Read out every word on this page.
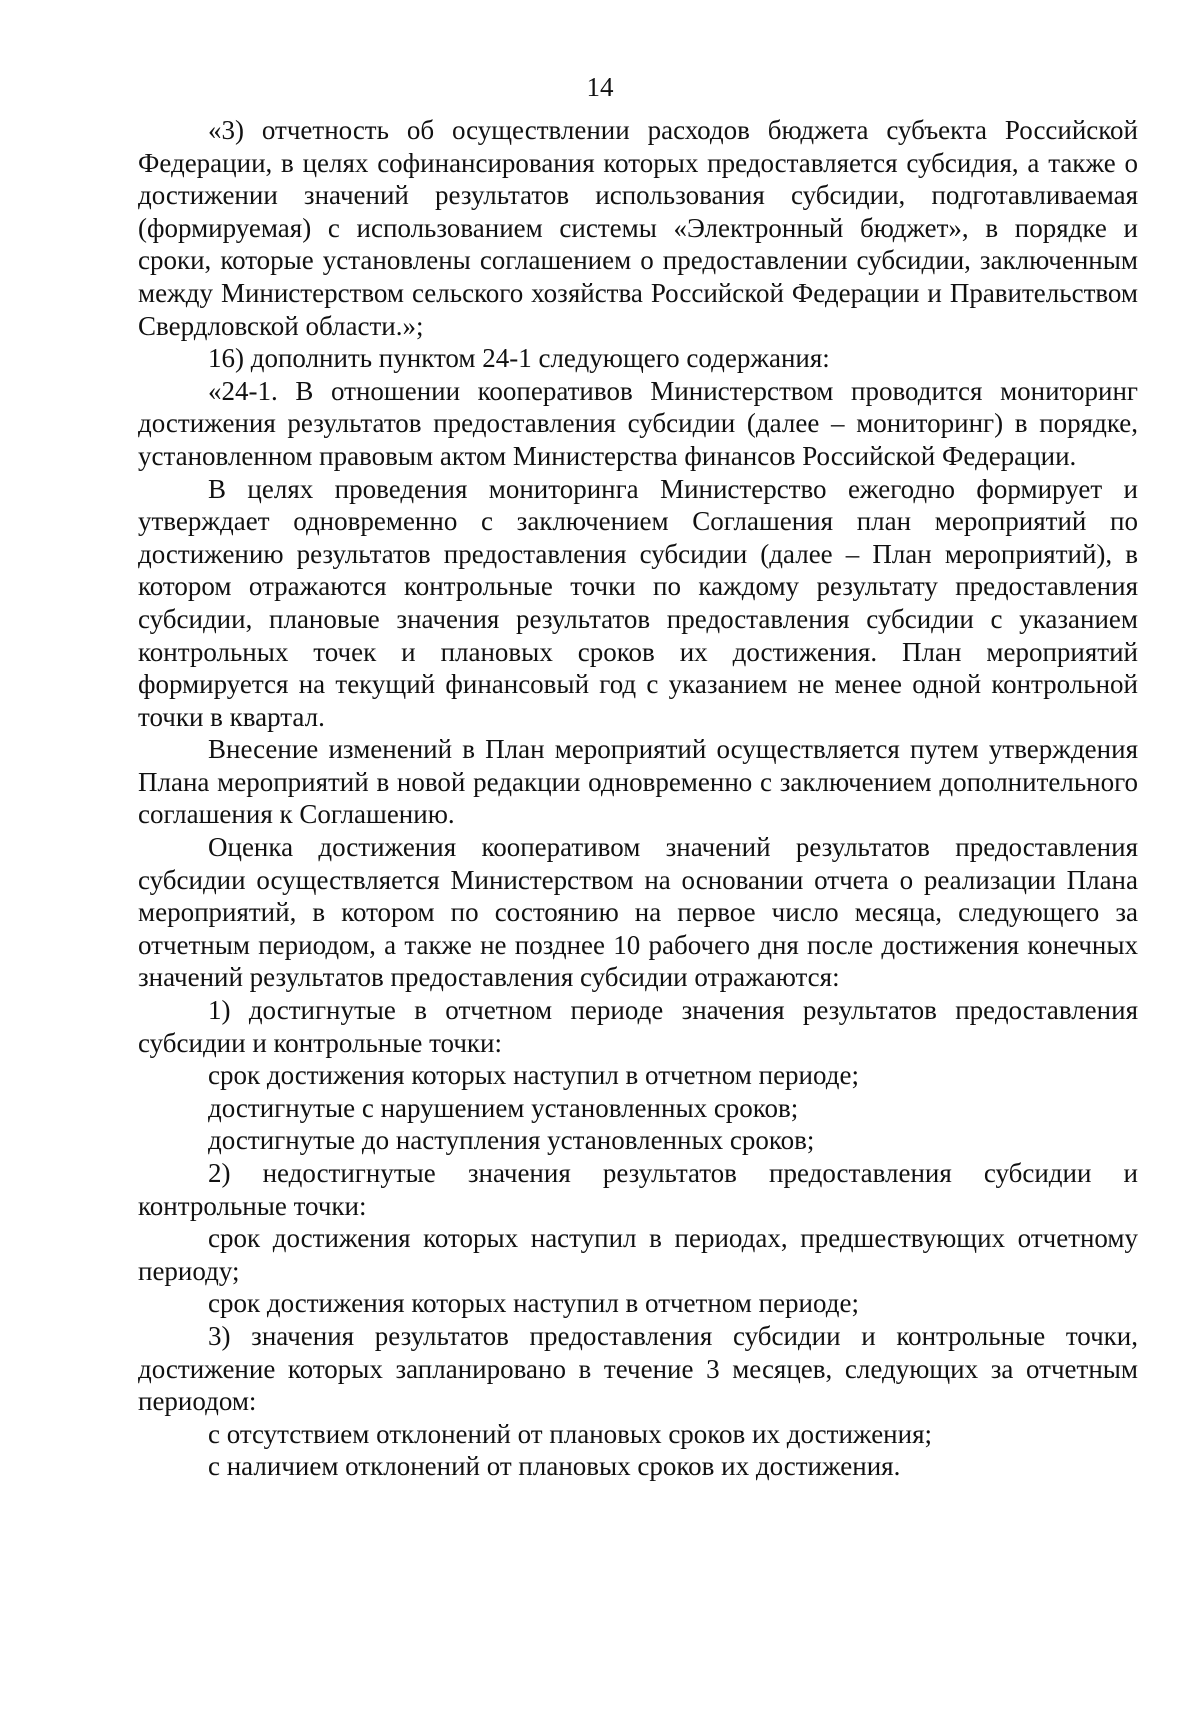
14

«3) отчетность об осуществлении расходов бюджета субъекта Российской Федерации, в целях софинансирования которых предоставляется субсидия, а также о достижении значений результатов использования субсидии, подготавливаемая (формируемая) с использованием системы «Электронный бюджет», в порядке и сроки, которые установлены соглашением о предоставлении субсидии, заключенным между Министерством сельского хозяйства Российской Федерации и Правительством Свердловской области.»;

16) дополнить пунктом 24-1 следующего содержания:

«24-1. В отношении кооперативов Министерством проводится мониторинг достижения результатов предоставления субсидии (далее – мониторинг) в порядке, установленном правовым актом Министерства финансов Российской Федерации.

В целях проведения мониторинга Министерство ежегодно формирует и утверждает одновременно с заключением Соглашения план мероприятий по достижению результатов предоставления субсидии (далее – План мероприятий), в котором отражаются контрольные точки по каждому результату предоставления субсидии, плановые значения результатов предоставления субсидии с указанием контрольных точек и плановых сроков их достижения. План мероприятий формируется на текущий финансовый год с указанием не менее одной контрольной точки в квартал.

Внесение изменений в План мероприятий осуществляется путем утверждения Плана мероприятий в новой редакции одновременно с заключением дополнительного соглашения к Соглашению.

Оценка достижения кооперативом значений результатов предоставления субсидии осуществляется Министерством на основании отчета о реализации Плана мероприятий, в котором по состоянию на первое число месяца, следующего за отчетным периодом, а также не позднее 10 рабочего дня после достижения конечных значений результатов предоставления субсидии отражаются:

1) достигнутые в отчетном периоде значения результатов предоставления субсидии и контрольные точки:

срок достижения которых наступил в отчетном периоде;

достигнутые с нарушением установленных сроков;

достигнутые до наступления установленных сроков;

2) недостигнутые значения результатов предоставления субсидии и контрольные точки:

срок достижения которых наступил в периодах, предшествующих отчетному периоду;

срок достижения которых наступил в отчетном периоде;

3) значения результатов предоставления субсидии и контрольные точки, достижение которых запланировано в течение 3 месяцев, следующих за отчетным периодом:

с отсутствием отклонений от плановых сроков их достижения;

с наличием отклонений от плановых сроков их достижения.
